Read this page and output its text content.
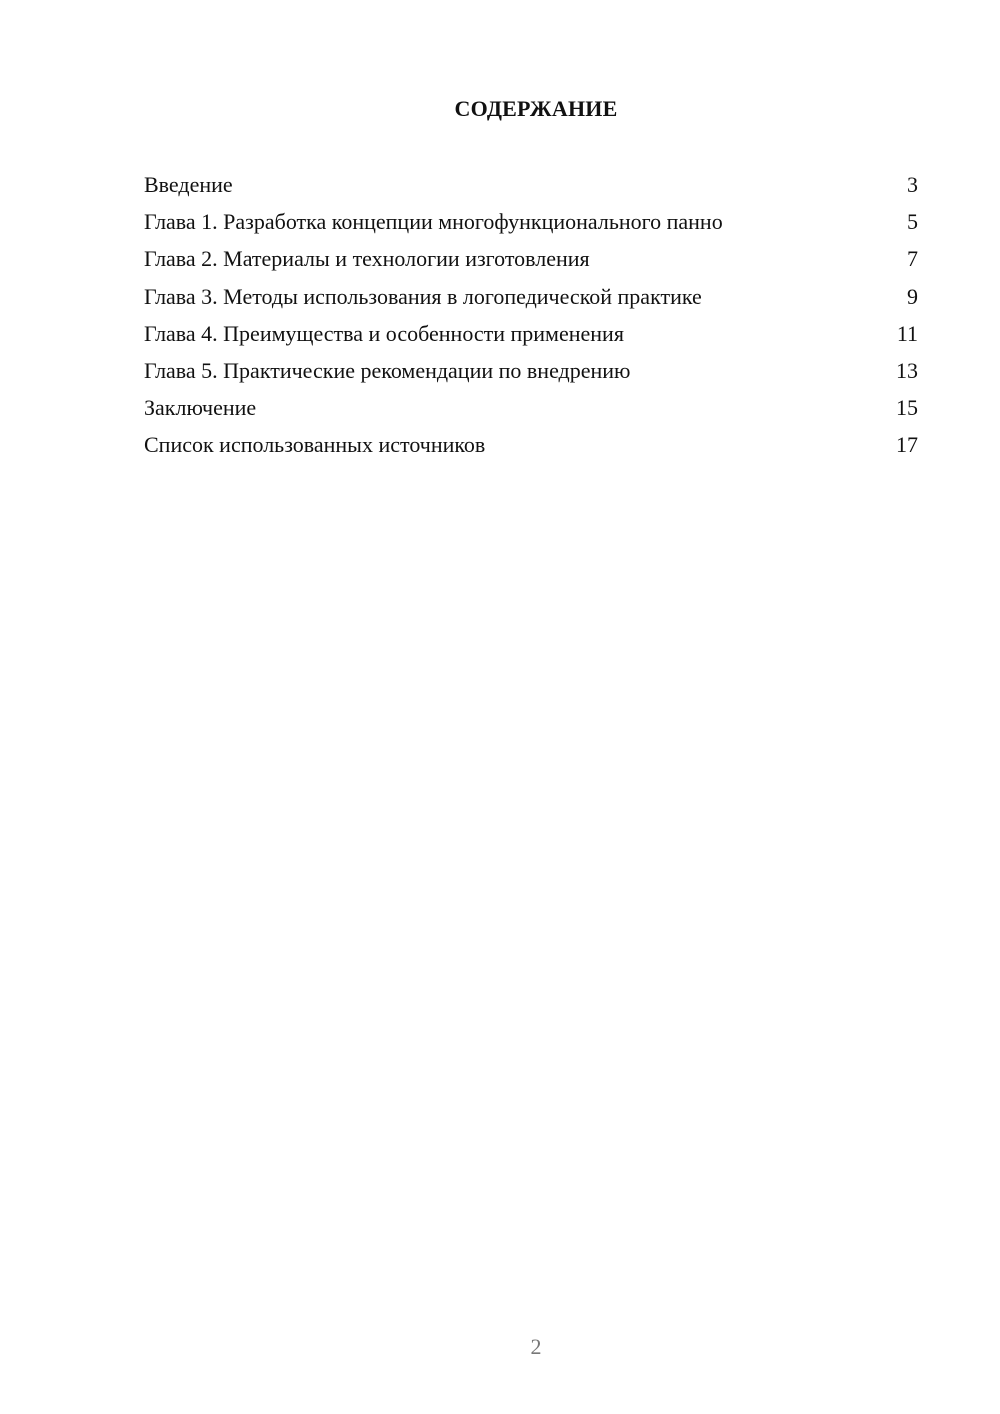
СОДЕРЖАНИЕ
Введение	3
Глава 1. Разработка концепции многофункционального панно	5
Глава 2. Материалы и технологии изготовления	7
Глава 3. Методы использования в логопедической практике	9
Глава 4. Преимущества и особенности применения	11
Глава 5. Практические рекомендации по внедрению	13
Заключение	15
Список использованных источников	17
2
